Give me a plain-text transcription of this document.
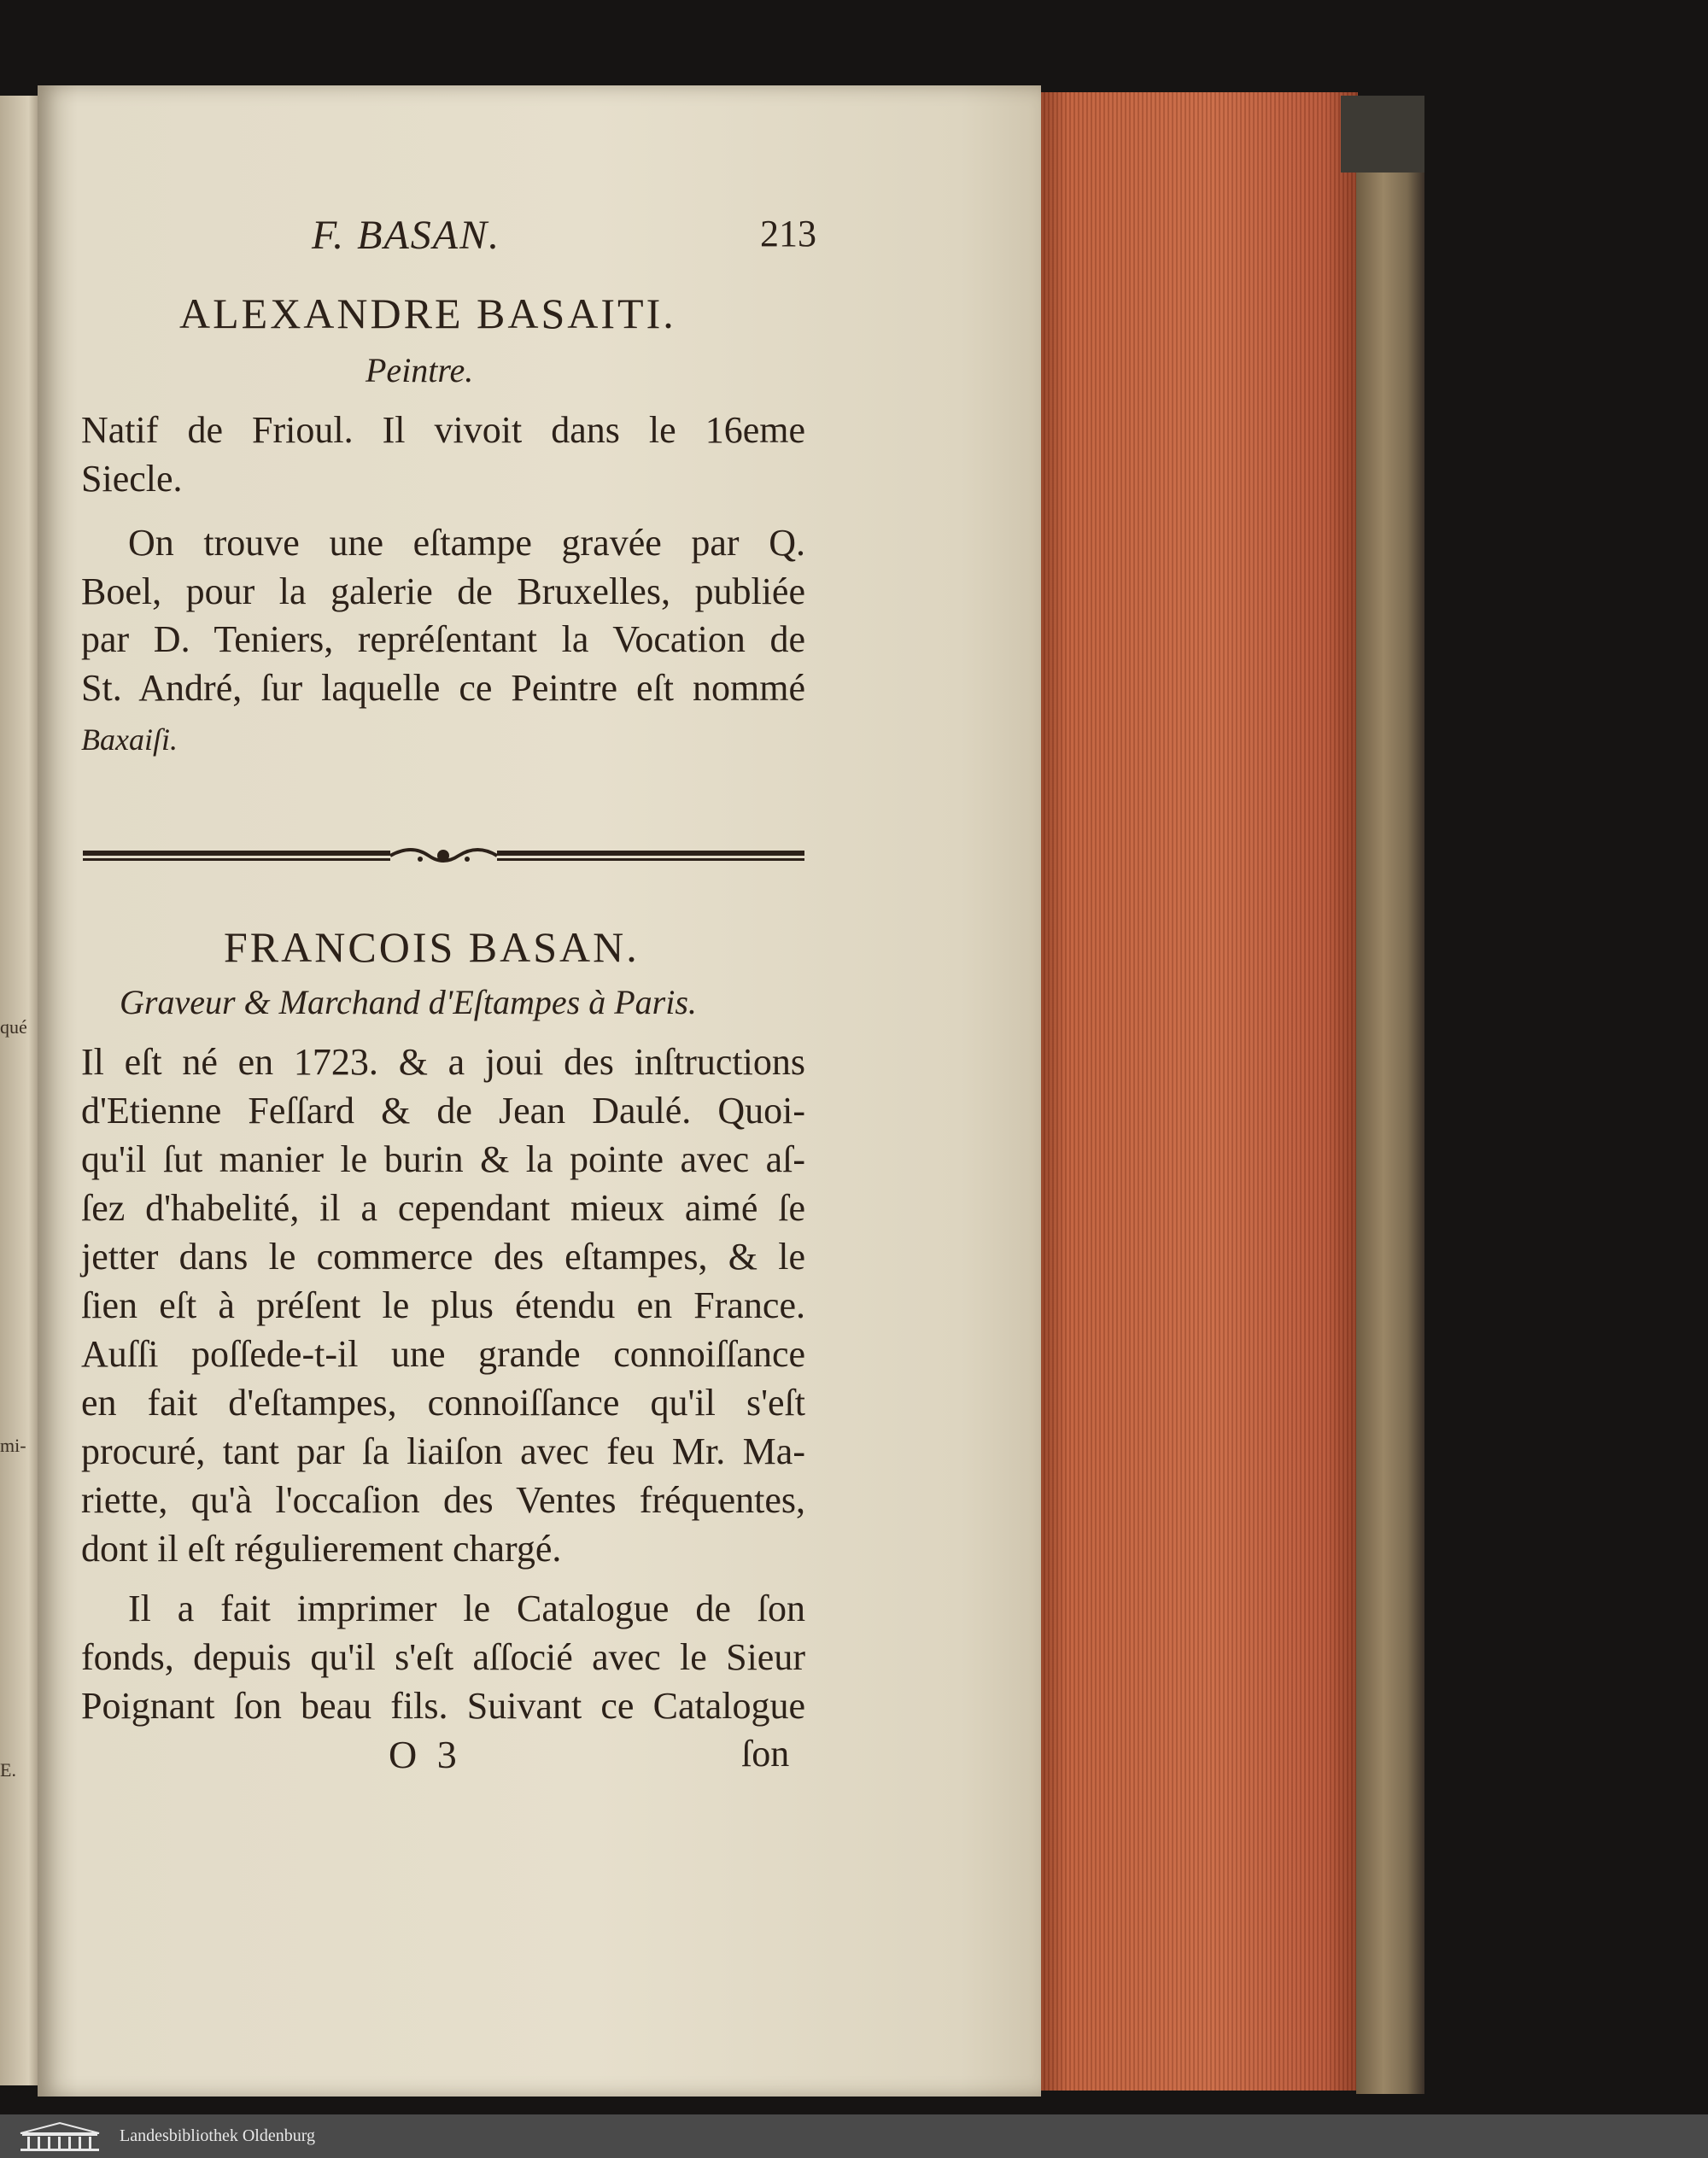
qué
mi-
E.
F. BASAN.	213
ALEXANDRE BASAITI.
Peintre.
Natif de Frioul. Il vivoit dans le 16eme
Siecle.
On trouve une eſtampe gravée par Q.
Boel, pour la galerie de Bruxelles, publiée
par D. Teniers, repréſentant la Vocation de
St. André, ſur laquelle ce Peintre eſt nommé
Baxaiſi.
FRANCOIS BASAN.
Graveur & Marchand d'Eſtampes à Paris.
Il eſt né en 1723. & a joui des inſtructions
d'Etienne Feſſard & de Jean Daulé. Quoi-
qu'il ſut manier le burin & la pointe avec aſ-
ſez d'habelité, il a cependant mieux aimé ſe
jetter dans le commerce des eſtampes, & le
ſien eſt à préſent le plus étendu en France.
Auſſi poſſede-t-il une grande connoiſſance
en fait d'eſtampes, connoiſſance qu'il s'eſt
procuré, tant par ſa liaiſon avec feu Mr. Ma-
riette, qu'à l'occaſion des Ventes fréquentes,
dont il eſt régulierement chargé.
Il a fait imprimer le Catalogue de ſon
fonds, depuis qu'il s'eſt aſſocié avec le Sieur
Poignant ſon beau fils. Suivant ce Catalogue
O 3	ſon
Landesbibliothek Oldenburg
